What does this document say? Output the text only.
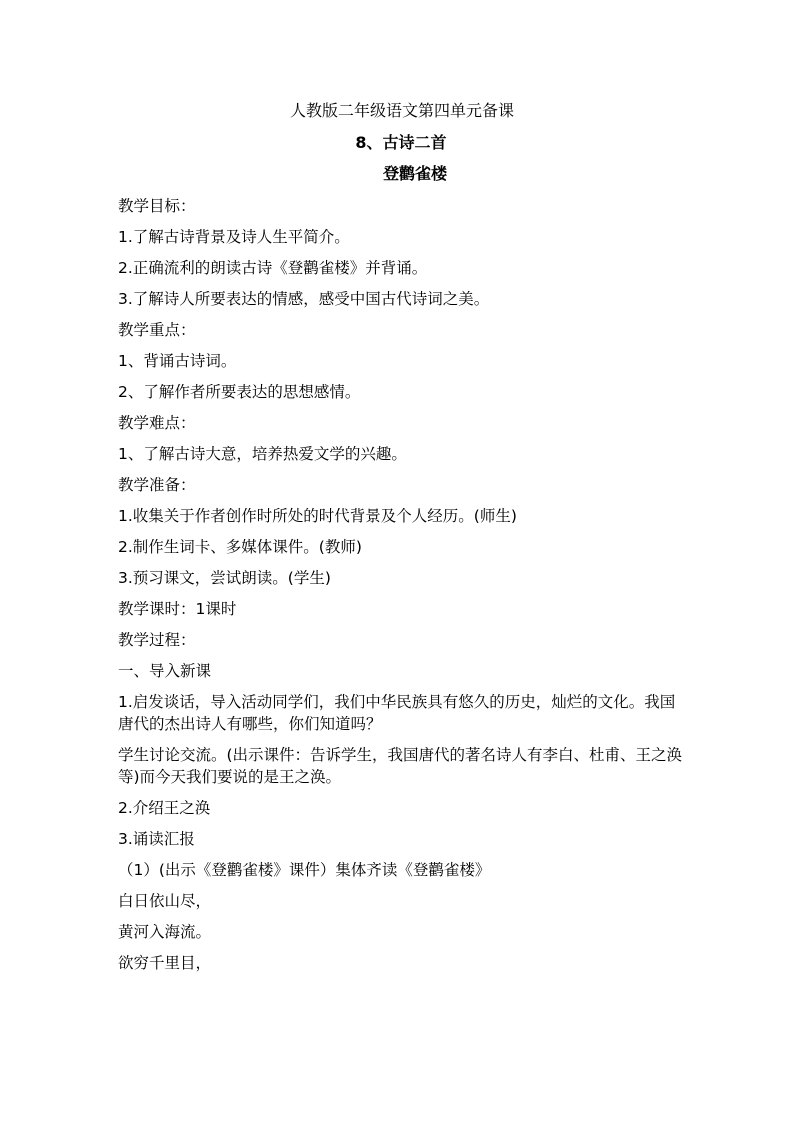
人教版二年级语文第四单元备课
8、古诗二首
登鹳雀楼
教学目标：
1.了解古诗背景及诗人生平简介。
2.正确流利的朗读古诗《登鹳雀楼》并背诵。
3.了解诗人所要表达的情感，感受中国古代诗词之美。
教学重点：
1、背诵古诗词。
2、了解作者所要表达的思想感情。
教学难点：
1、了解古诗大意，培养热爱文学的兴趣。
教学准备：
1.收集关于作者创作时所处的时代背景及个人经历。(师生)
2.制作生词卡、多媒体课件。(教师)
3.预习课文，尝试朗读。(学生)
教学课时：1课时
教学过程：
一、导入新课
1.启发谈话，导入活动同学们，我们中华民族具有悠久的历史，灿烂的文化。我国唐代的杰出诗人有哪些，你们知道吗？
学生讨论交流。(出示课件：告诉学生，我国唐代的著名诗人有李白、杜甫、王之涣等)而今天我们要说的是王之涣。
2.介绍王之涣
3.诵读汇报
（1）(出示《登鹳雀楼》课件）集体齐读《登鹳雀楼》
白日依山尽，
黄河入海流。
欲穷千里目，
